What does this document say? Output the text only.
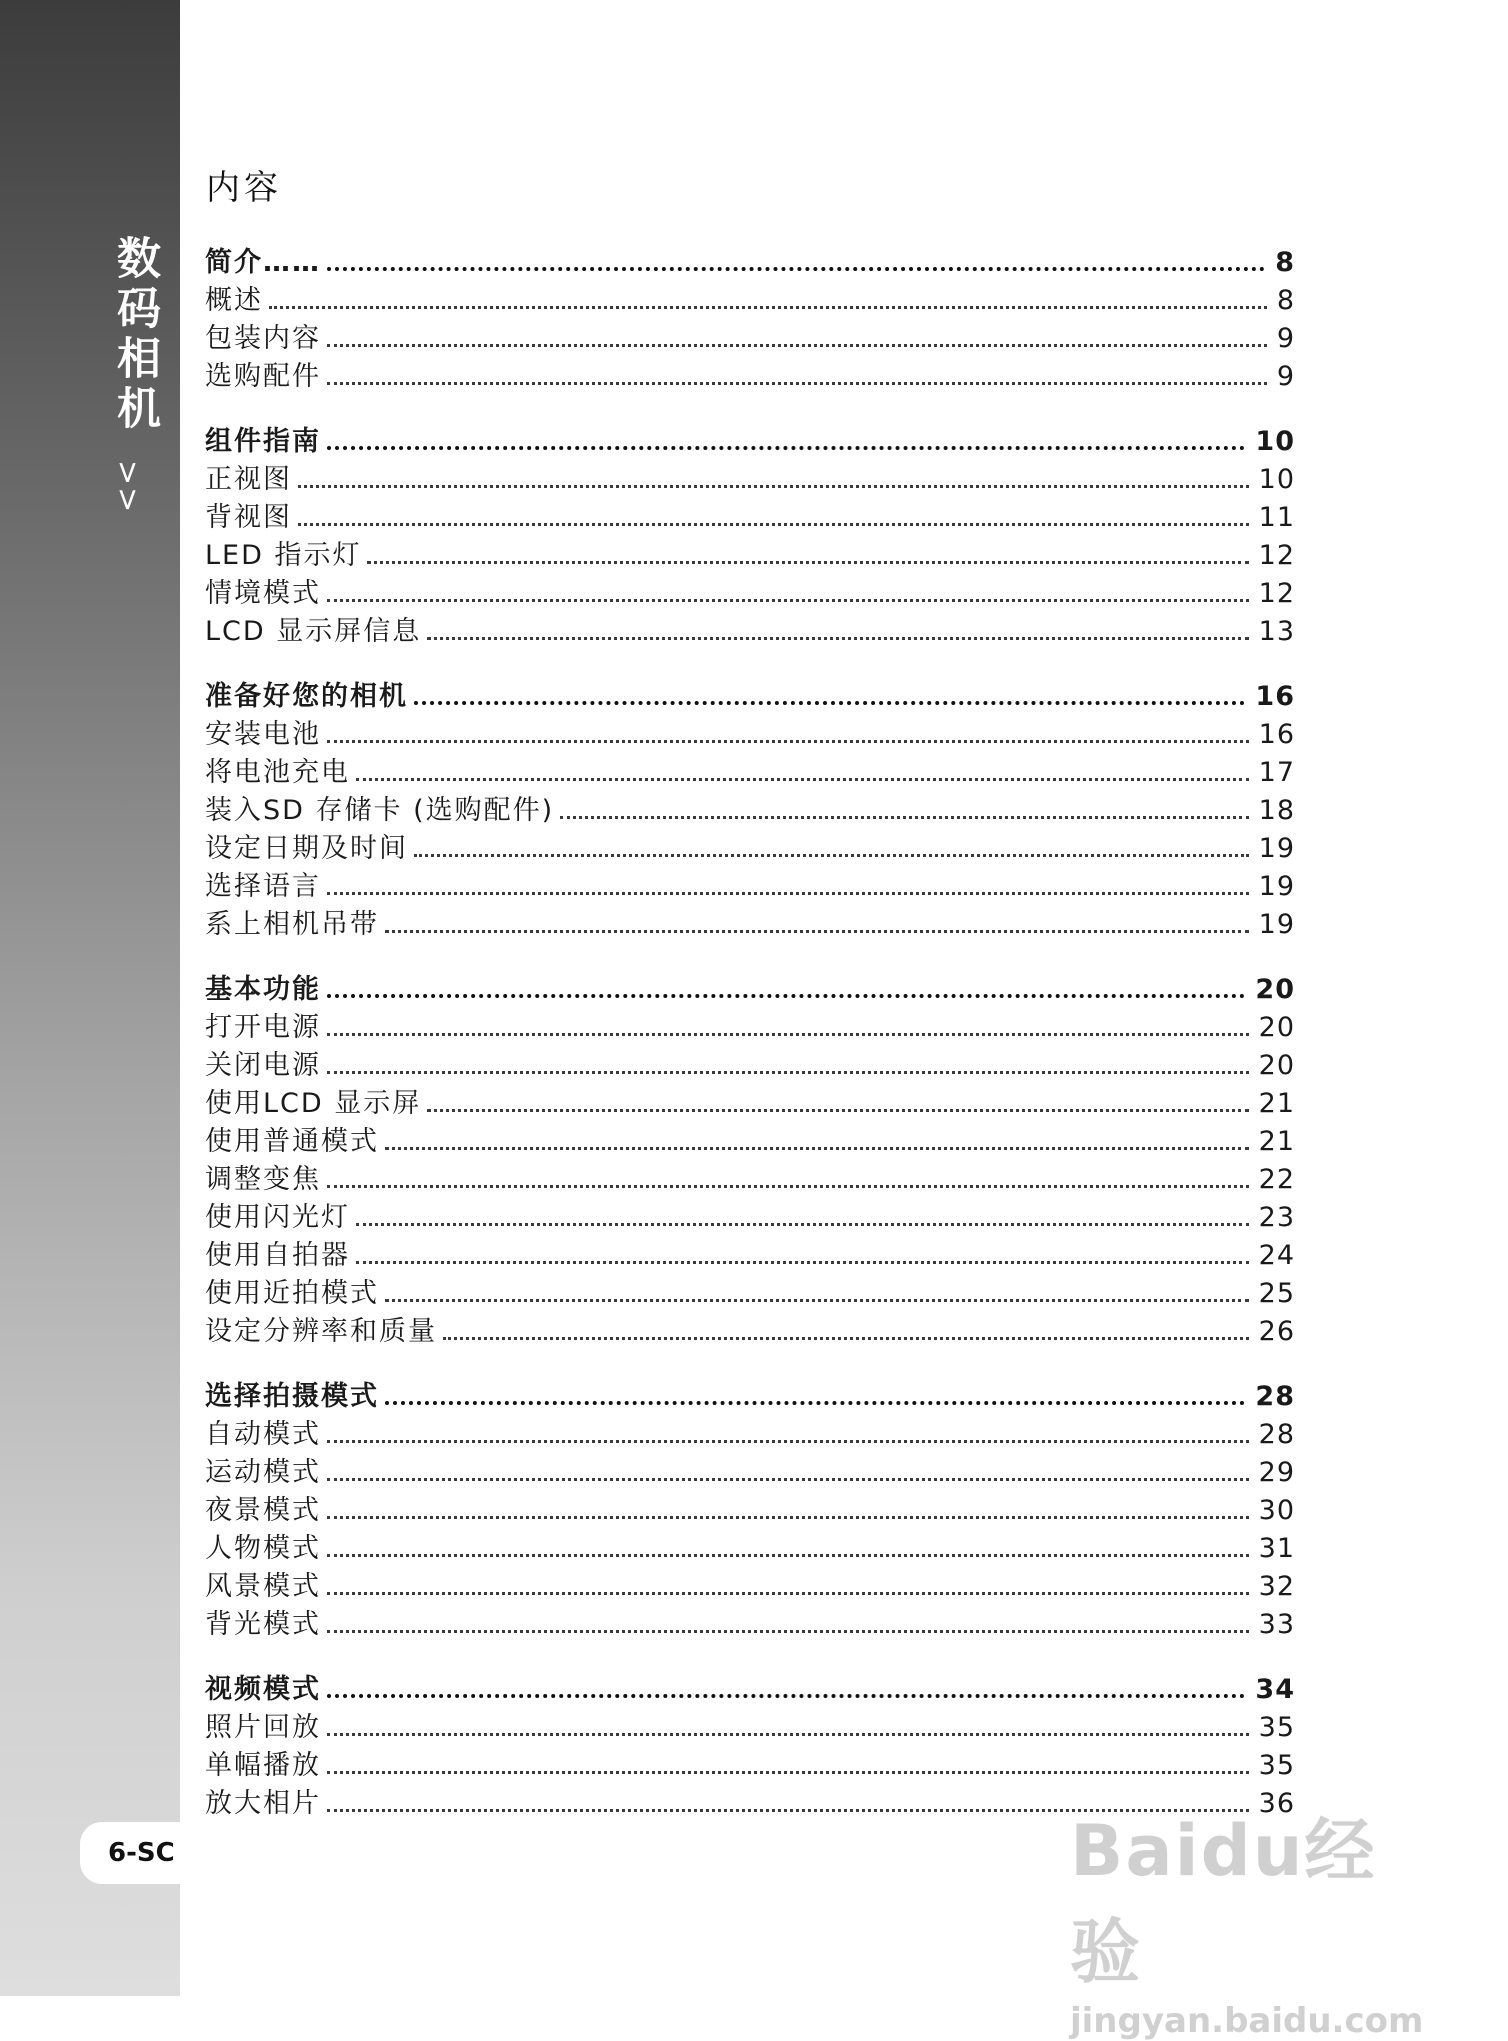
数码相机
>>
6-SC
内容
简介……	8
概述	8
包装内容	9
选购配件	9
组件指南	10
正视图	10
背视图	11
LED 指示灯	12
情境模式	12
LCD 显示屏信息	13
准备好您的相机	16
安装电池	16
将电池充电	17
装入SD 存储卡 (选购配件)	18
设定日期及时间	19
选择语言	19
系上相机吊带	19
基本功能	20
打开电源	20
关闭电源	20
使用LCD 显示屏	21
使用普通模式	21
调整变焦	22
使用闪光灯	23
使用自拍器	24
使用近拍模式	25
设定分辨率和质量	26
选择拍摄模式	28
自动模式	28
运动模式	29
夜景模式	30
人物模式	31
风景模式	32
背光模式	33
视频模式	34
照片回放	35
单幅播放	35
放大相片	36
Baidu经验
jingyan.baidu.com
